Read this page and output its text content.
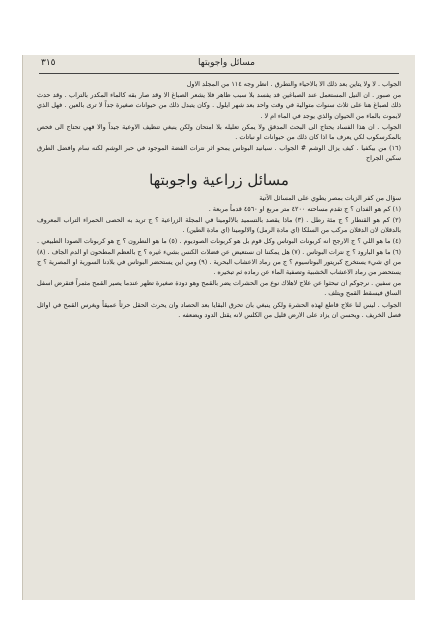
مسائل واجوبتها
٣١٥

الجواب . لا ولا يتاين بعد ذلك الا بالاحياء والتطرق . انظر وجه ١١٤ من المجلد الاول

من صبور . ان النيل المستعمل عند الصباغين قد يفسد بلا سبب ظاهر فلا يشعر الصباغ الا وقد صار بقه كالماء المكدر بالتراب . وقد حدث ذلك لصباغ هنا على ثلاث سنوات متوالية في وقت واحد بعد شهر ايلول . وكان يتبدل ذلك من حيوانات صغيرة جداً لا ترى بالعين . فهل الذي لايموت بالماء من الحيوان والذي يوجد في الماء ام لا .

الجواب . ان هذا الفساد يحتاج الى البحث المدقق ولا يمكن تعليله بلا امتحان ولكن ينبغي تنظيف الاوعية جيداً والا فهي تحتاج الى فحص بالمكرسكوب لكي يعرف ما اذا كان ذلك من حيوانات او نباتات .

(١٦) من بيكفيا . كيف يزال الوشم # الجواب . سيانيد البوتاس يمحو اثر نترات الفضة الموجود في حبر الوشم لكنه سام وافضل الطرق سكين الجراح

مسائل زراعية واجوبتها

سؤال من كفر الزيات بمصر يطوي على المسائل الآتية

(١) كم هو الفدان ؟ ج تقدم مساحته ٤٢٠٠ متر مربع او ٤٥٦٠ قدماً مربعة .

(٢) كم هو القنطار ؟ ج مئة رطل . (٣) ماذا يقصد بالتسميد بالالومينا في المجلة الزراعية ؟ ج تريد به الحصى الحمراء التراب المعروف بالدقلان لان الدقلان مركب من السلكا (اي مادة الرمل) والالومينا (اي مادة الطين) .

(٤) ما هو اللي ؟ ج الارجح انه كربونات البوتاس وكل قوم بل هو كربونات الصوديوم . (٥) ما هو النطرون ؟ ج هو كربونات الصودا الطبيعي . (٦) ما هو البارود ؟ ج نترات البوتاس . (٧) هل يمكننا ان نستعيض عن فضلات الكنس بشيء غيره ؟ ج بالعظم المطحون او الدم الجاف . (٨) من اي شيء يستخرج كبريتور البوتاسيوم ؟ ج من رماد الاعشاب البحرية . (٩) ومن اين يستحضر البوتاس في بلادنا السورية او المصرية ؟ ج يستحضر من رماد الاعشاب الخشبية وتصفية الماء عن رماده ثم تبخيره .

من سفين . نرجوكم ان تبحثوا عن علاج لاهلاك نوع من الحشرات يضر بالقمح وهو دودة صغيرة تظهر عندما يصير القمح مثمراً فتقرض اسفل الساق فيسقط القمح ويتلف .

الجواب . ليس لنا علاج قاطع لهذه الحشرة ولكن ينبغي بان تحرق البقايا بعد الحصاد وان يحرث الحقل حرثاً عميقاً ويغرس القمح في اوائل فصل الخريف . ويحسن ان يزاد على الارض قليل من الكلس لانه يقتل الدود ويضعفه .
